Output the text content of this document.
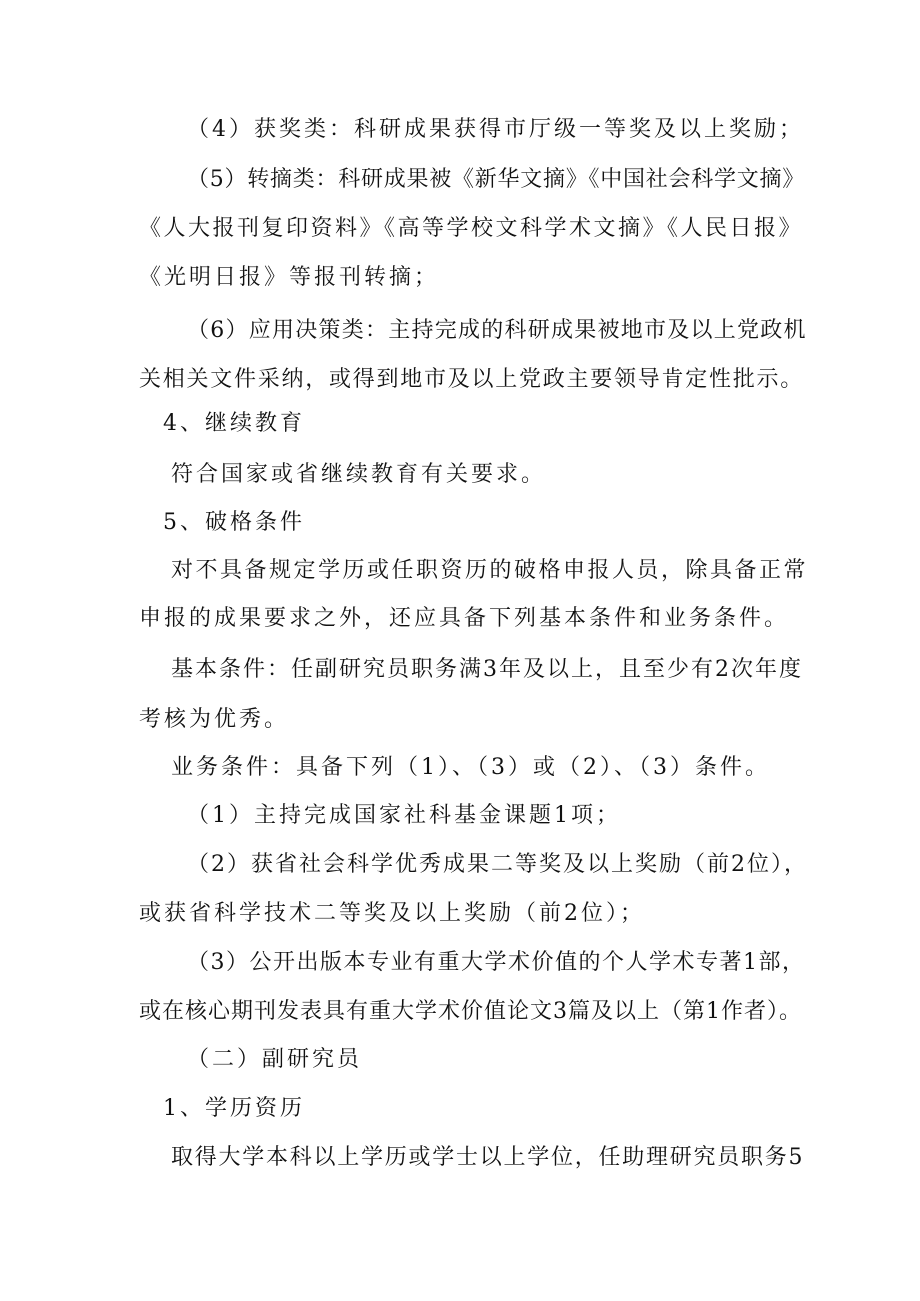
（4）获奖类：科研成果获得市厅级一等奖及以上奖励；
（5）转摘类：科研成果被《新华文摘》《中国社会科学文摘》
《人大报刊复印资料》《高等学校文科学术文摘》《人民日报》
《光明日报》等报刊转摘；
（6）应用决策类：主持完成的科研成果被地市及以上党政机
关相关文件采纳，或得到地市及以上党政主要领导肯定性批示。
4、继续教育
符合国家或省继续教育有关要求。
5、破格条件
对不具备规定学历或任职资历的破格申报人员，除具备正常
申报的成果要求之外，还应具备下列基本条件和业务条件。
基本条件：任副研究员职务满3年及以上，且至少有2次年度
考核为优秀。
业务条件：具备下列（1）、（3）或（2）、（3）条件。
（1）主持完成国家社科基金课题1项；
（2）获省社会科学优秀成果二等奖及以上奖励（前2位），
或获省科学技术二等奖及以上奖励（前2位）；
（3）公开出版本专业有重大学术价值的个人学术专著1部，
或在核心期刊发表具有重大学术价值论文3篇及以上（第1作者）。
（二）副研究员
1、学历资历
取得大学本科以上学历或学士以上学位，任助理研究员职务5
